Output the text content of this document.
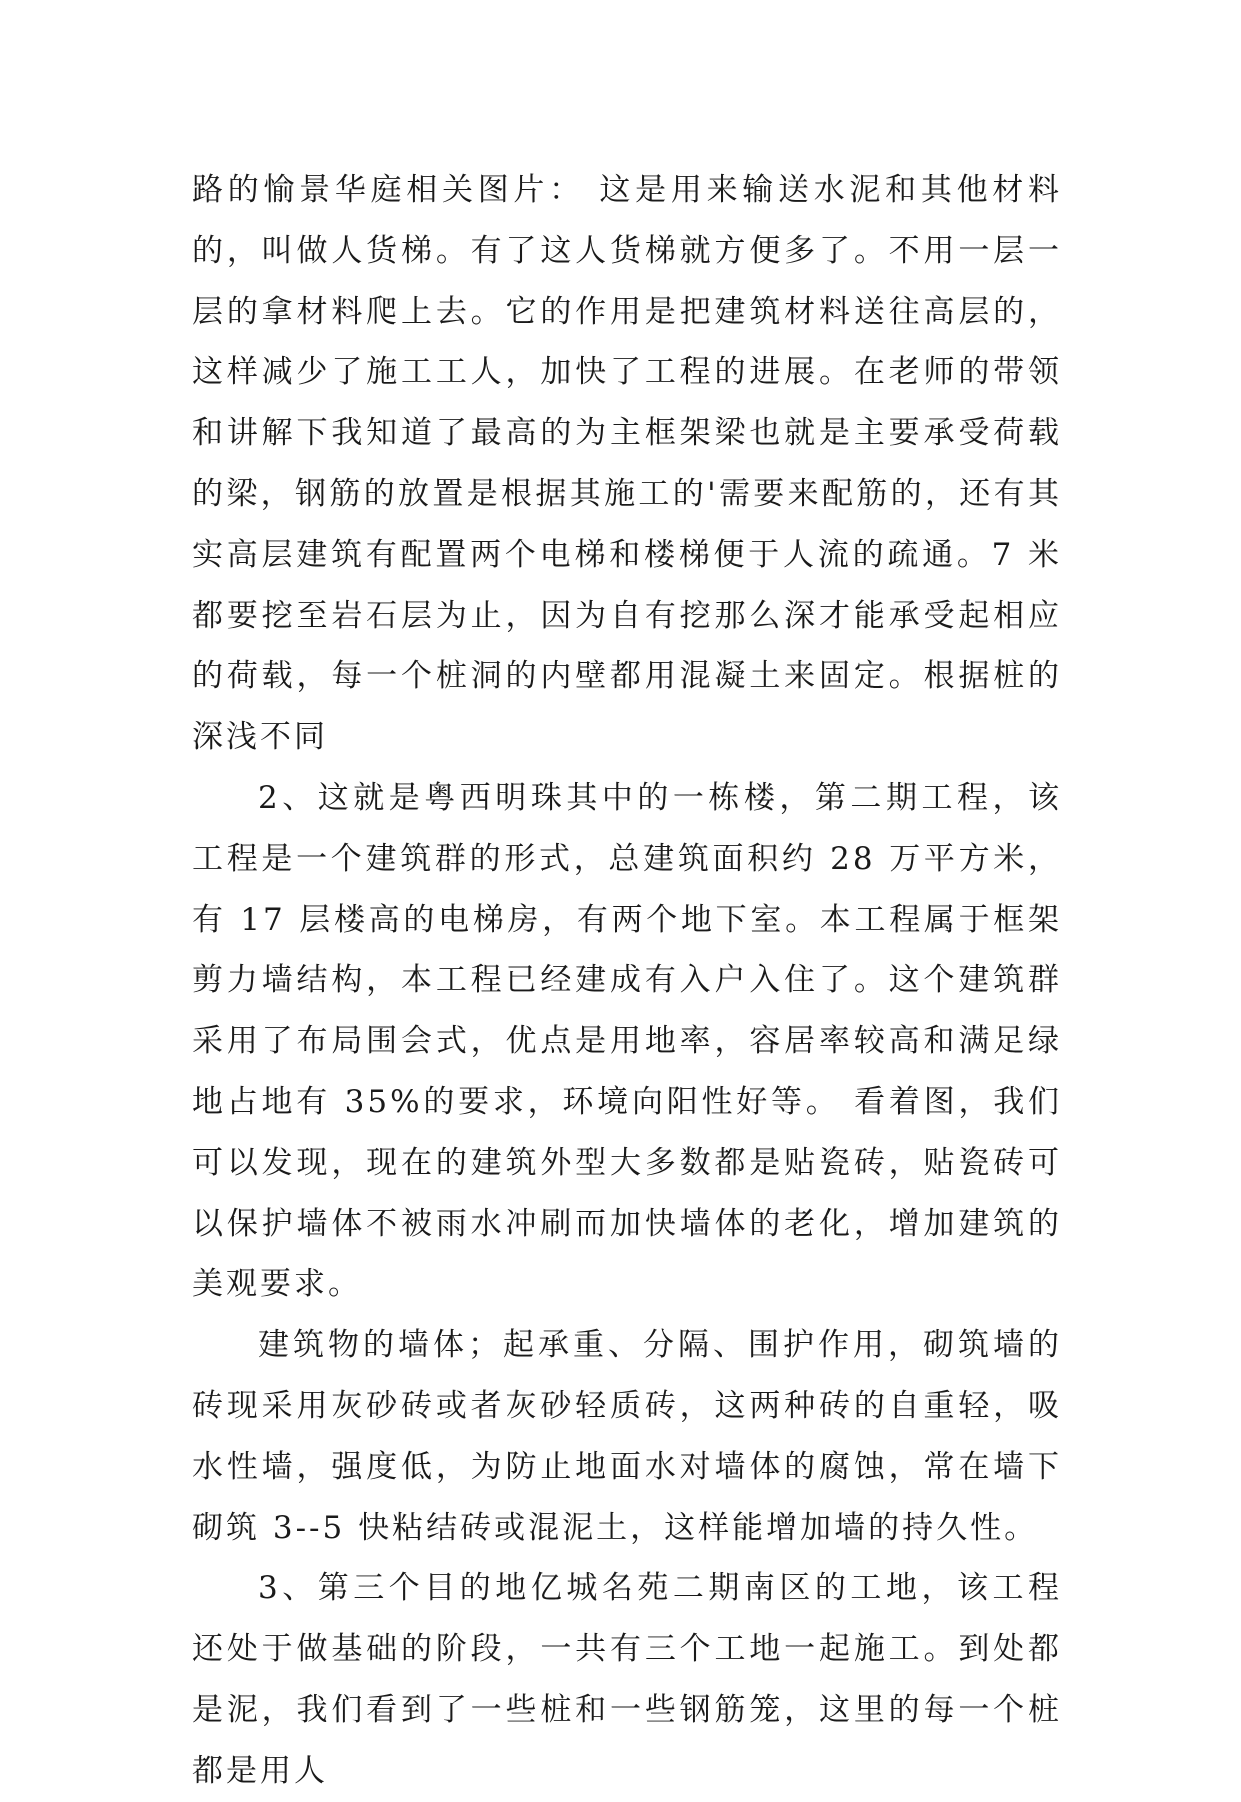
路的愉景华庭相关图片： 这是用来输送水泥和其他材料的，叫做人货梯。有了这人货梯就方便多了。不用一层一层的拿材料爬上去。它的作用是把建筑材料送往高层的，这样减少了施工工人，加快了工程的进展。在老师的带领和讲解下我知道了最高的为主框架梁也就是主要承受荷载的梁，钢筋的放置是根据其施工的'需要来配筋的，还有其实高层建筑有配置两个电梯和楼梯便于人流的疏通。7 米都要挖至岩石层为止，因为自有挖那么深才能承受起相应的荷载，每一个桩洞的内壁都用混凝土来固定。根据桩的深浅不同

2、这就是粤西明珠其中的一栋楼，第二期工程，该工程是一个建筑群的形式，总建筑面积约 28 万平方米，有 17 层楼高的电梯房，有两个地下室。本工程属于框架剪力墙结构，本工程已经建成有入户入住了。这个建筑群采用了布局围会式，优点是用地率，容居率较高和满足绿地占地有 35%的要求，环境向阳性好等。 看着图，我们可以发现，现在的建筑外型大多数都是贴瓷砖，贴瓷砖可以保护墙体不被雨水冲刷而加快墙体的老化，增加建筑的美观要求。

建筑物的墙体；起承重、分隔、围护作用，砌筑墙的砖现采用灰砂砖或者灰砂轻质砖，这两种砖的自重轻，吸水性墙，强度低，为防止地面水对墙体的腐蚀，常在墙下砌筑 3--5 快粘结砖或混泥土，这样能增加墙的持久性。

3、第三个目的地亿城名苑二期南区的工地，该工程还处于做基础的阶段，一共有三个工地一起施工。到处都是泥，我们看到了一些桩和一些钢筋笼，这里的每一个桩都是用人
